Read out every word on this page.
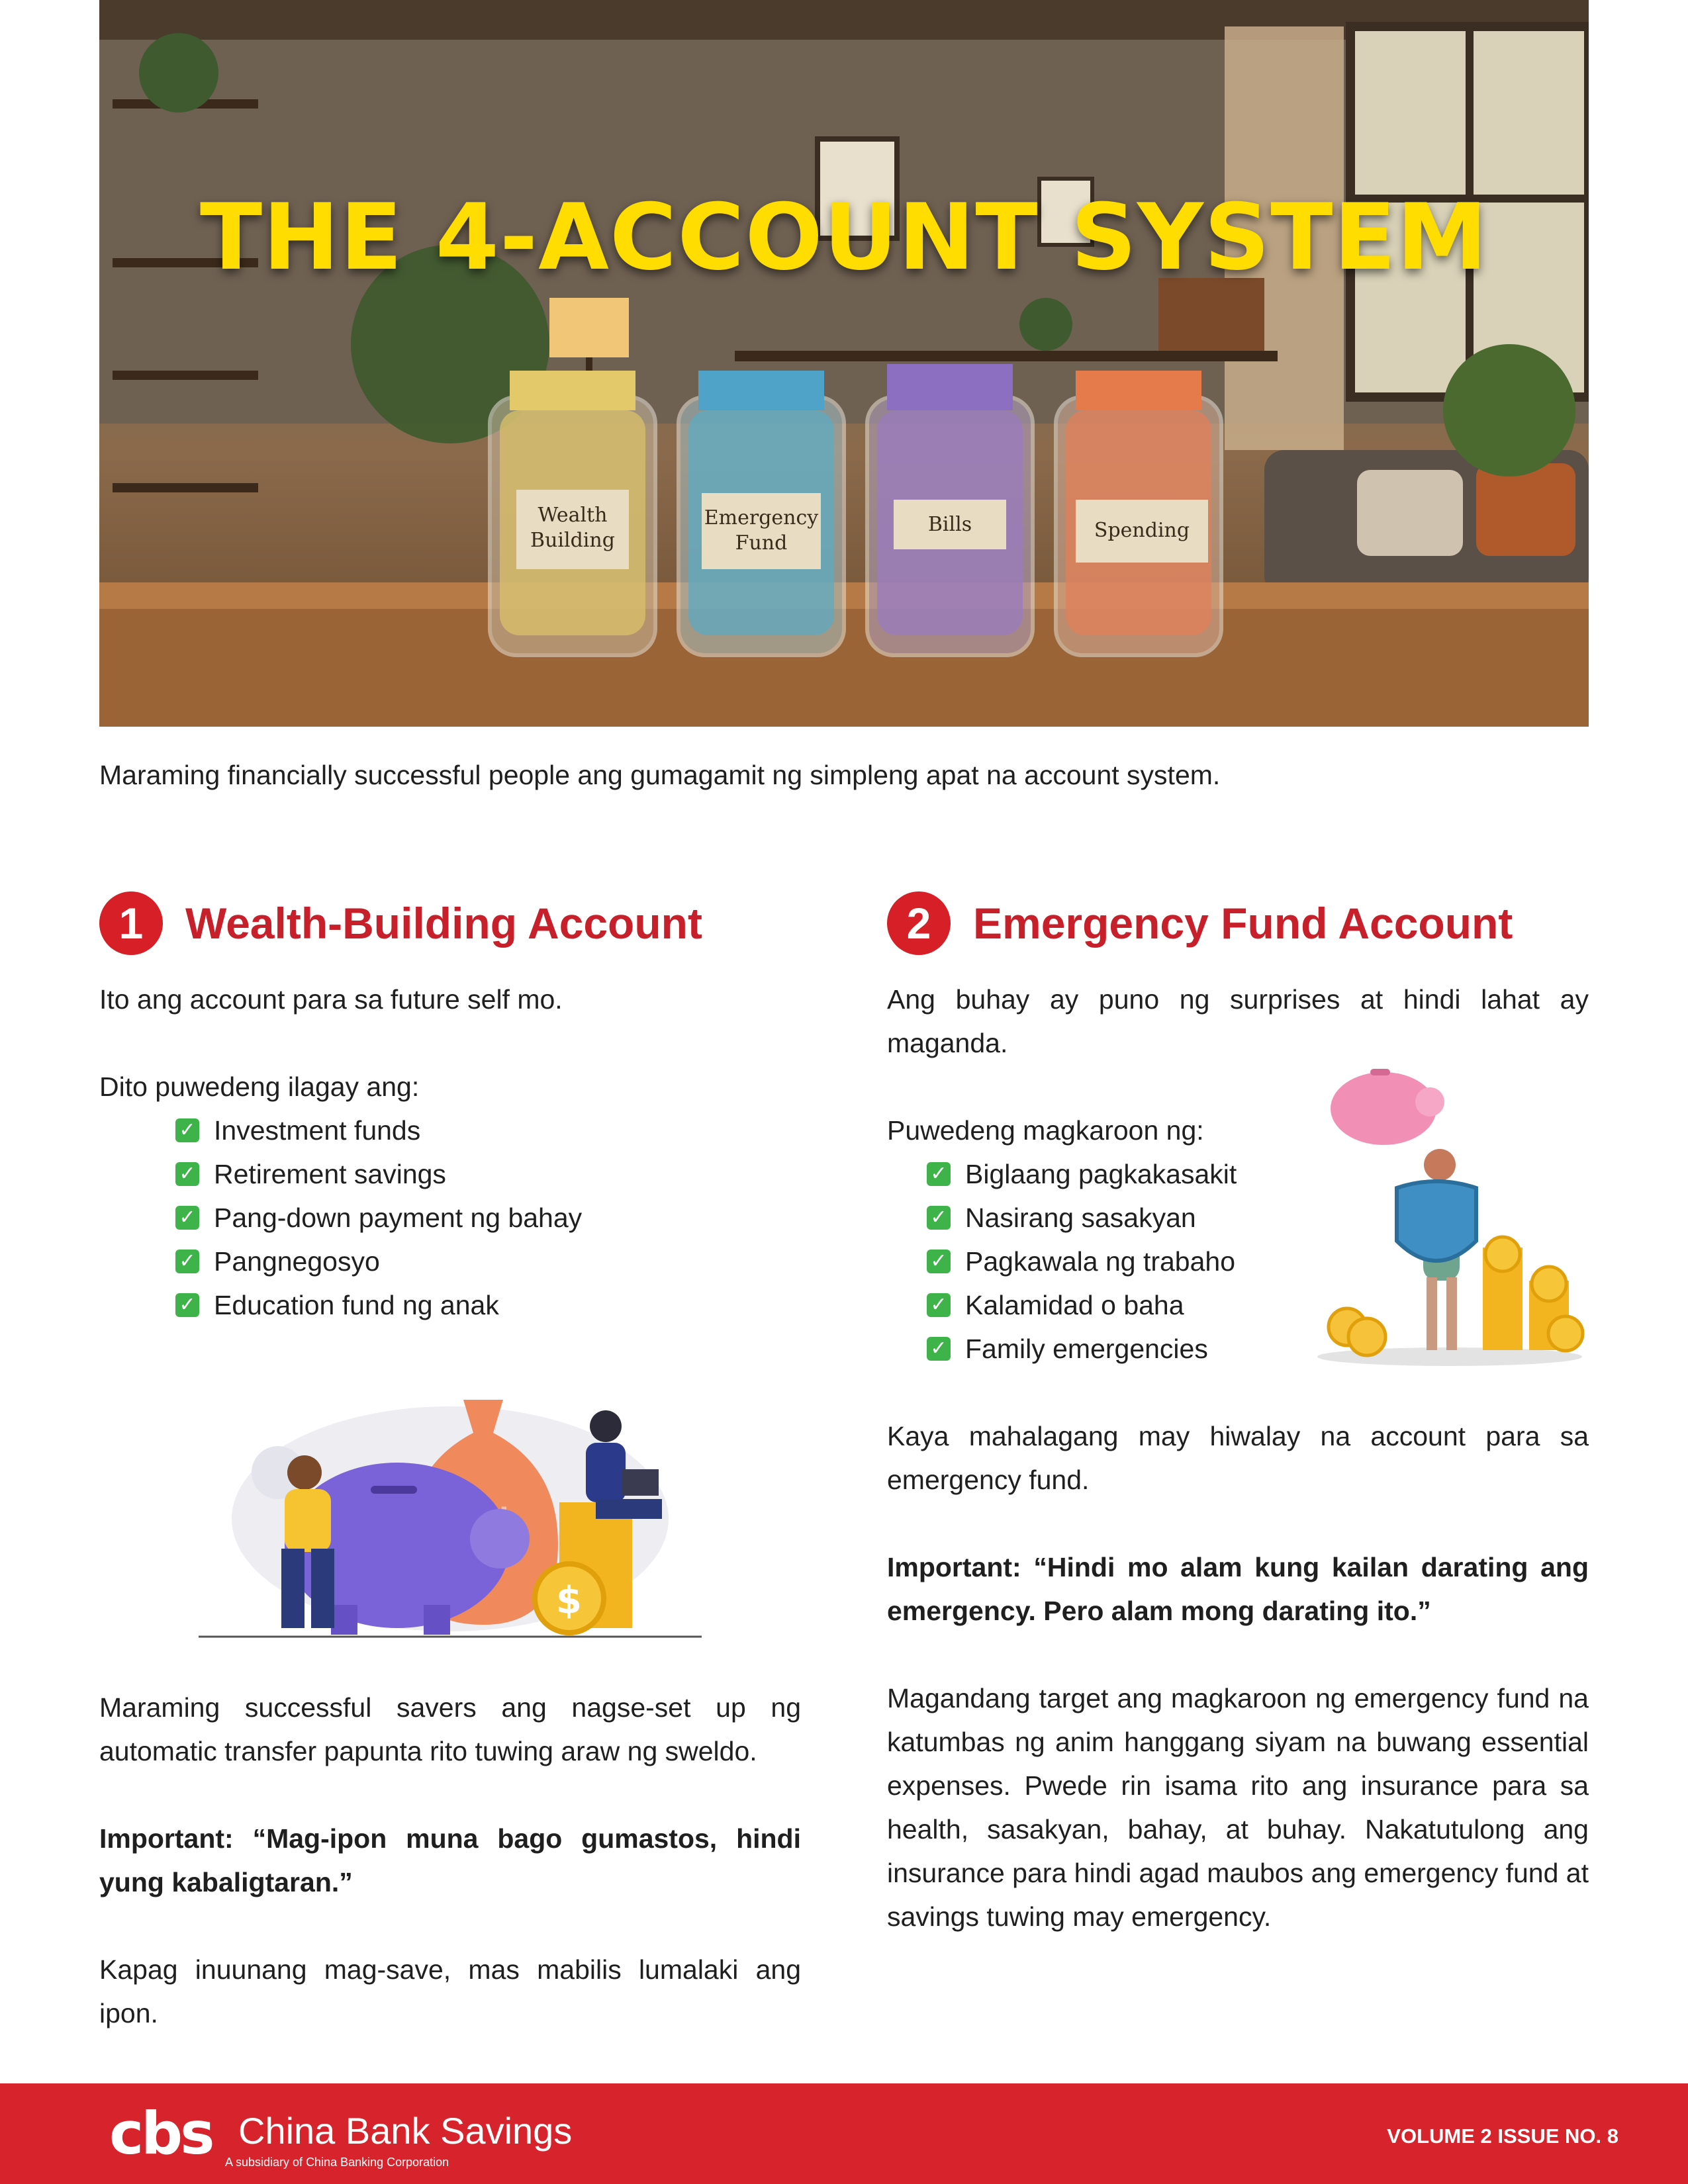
Wealth Building
Emergency Fund
Bills	Spending
THE 4-ACCOUNT SYSTEM

Maraming financially successful people ang gumagamit ng simpleng apat na account system.

1 Wealth-Building Account

Ito ang account para sa future self mo.

Dito puwedeng ilagay ang:

✓ Investment funds
✓ Retirement savings
✓ Pang-down payment ng bahay
✓ Pangnegosyo
✓ Education fund ng anak
$

Maraming successful savers ang nagse-set up ng automatic transfer papunta rito tuwing araw ng sweldo.

Important: “Mag-ipon muna bago gumastos, hindi yung kabaligtaran.”

Kapag inuunang mag-save, mas mabilis lumalaki ang ipon.

2 Emergency Fund Account

Ang buhay ay puno ng surprises at hindi lahat ay maganda.

Puwedeng magkaroon ng:

✓ Biglaang pagkakasakit
✓ Nasirang sasakyan
✓ Pagkawala ng trabaho
✓ Kalamidad o baha
✓ Family emergencies

Kaya mahalagang may hiwalay na account para sa emergency fund.

Important: “Hindi mo alam kung kailan darating ang emergency. Pero alam mong darating ito.”

Magandang target ang magkaroon ng emergency fund na katumbas ng anim hanggang siyam na buwang essential expenses. Pwede rin isama rito ang insurance para sa health, sasakyan, bahay, at buhay. Nakatutulong ang insurance para hindi agad maubos ang emergency fund at savings tuwing may emergency.

cbs China Bank Savings
A subsidiary of China Banking Corporation
VOLUME 2 ISSUE NO. 8
